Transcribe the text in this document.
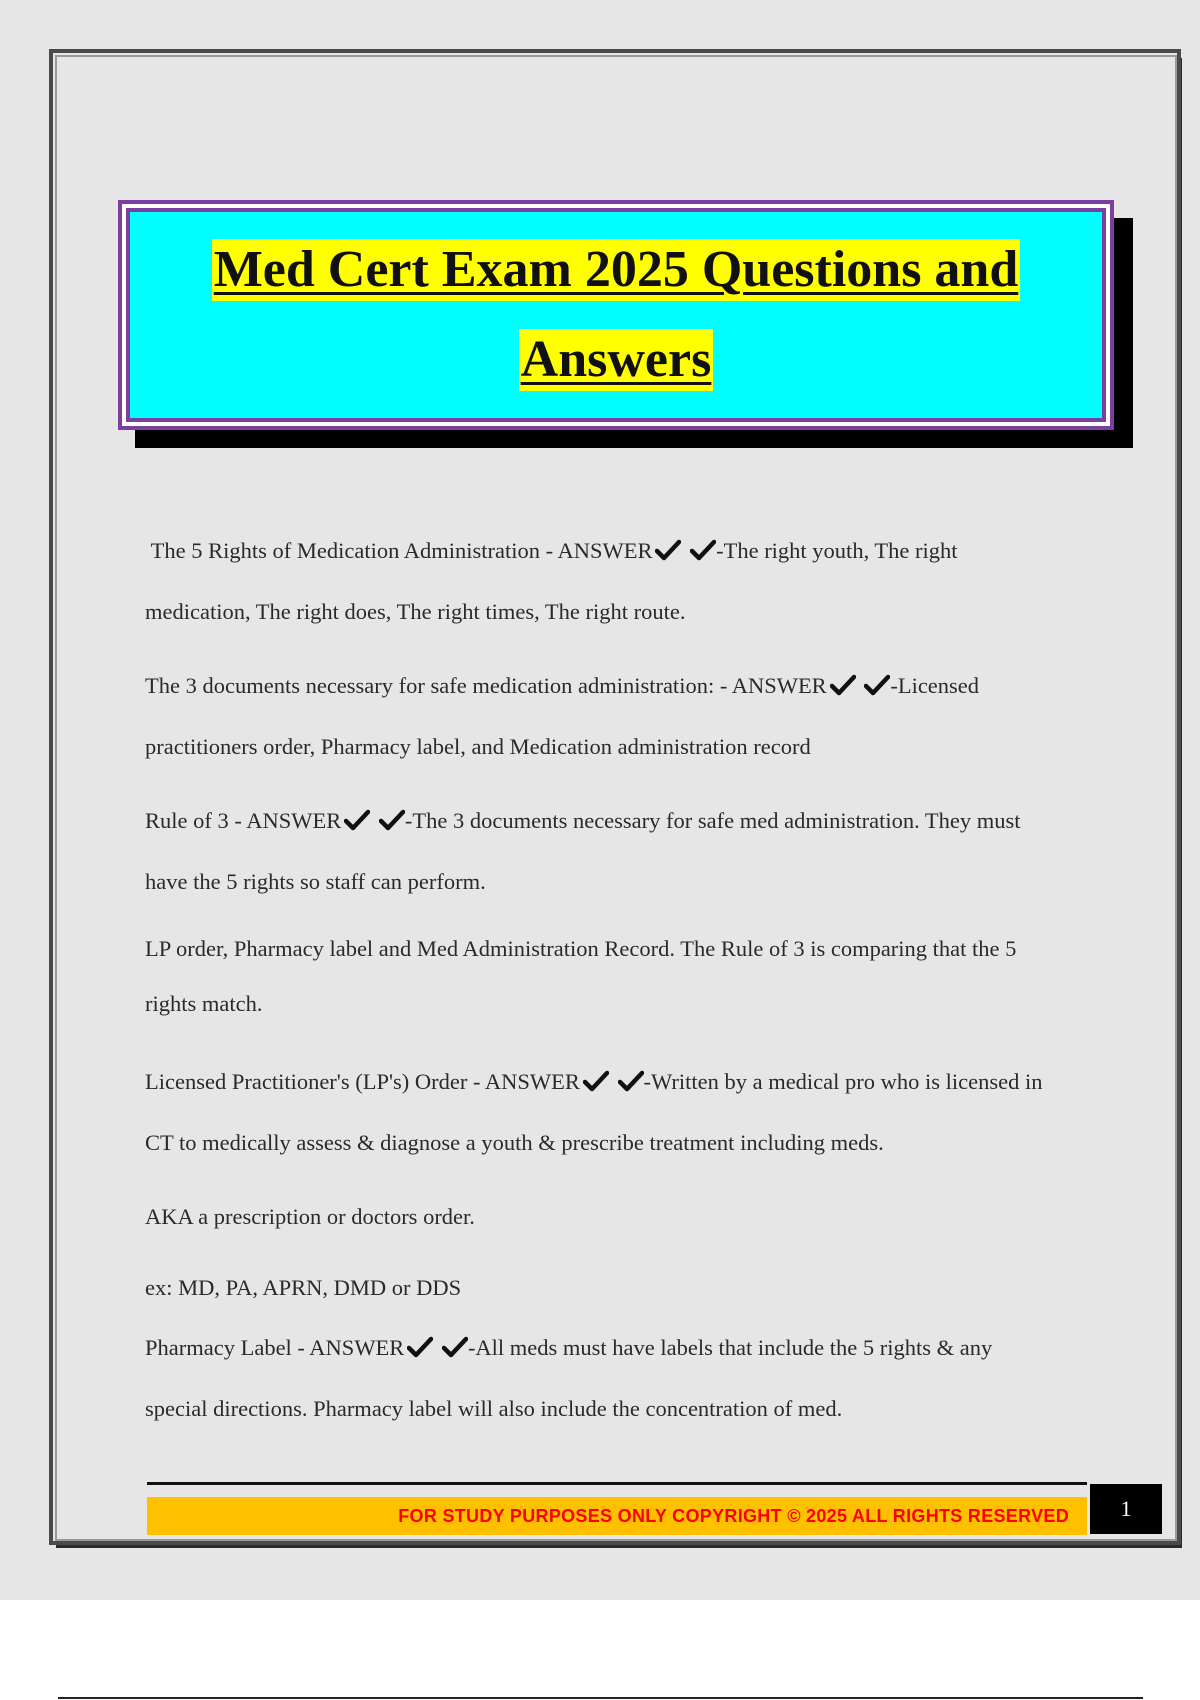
Med Cert Exam 2025 Questions and
Answers
The 5 Rights of Medication Administration - ANSWER	-The right youth, The right
medication, The right does, The right times, The right route.
The 3 documents necessary for safe medication administration: - ANSWER	-Licensed
practitioners order, Pharmacy label, and Medication administration record
Rule of 3 - ANSWER	-The 3 documents necessary for safe med administration. They must
have the 5 rights so staff can perform.
LP order, Pharmacy label and Med Administration Record. The Rule of 3 is comparing that the 5
rights match.
Licensed Practitioner's (LP's) Order - ANSWER	-Written by a medical pro who is licensed in
CT to medically assess & diagnose a youth & prescribe treatment including meds.
AKA a prescription or doctors order.
ex: MD, PA, APRN, DMD or DDS
Pharmacy Label - ANSWER	-All meds must have labels that include the 5 rights & any
special directions. Pharmacy label will also include the concentration of med.
FOR STUDY PURPOSES ONLY COPYRIGHT © 2025 ALL RIGHTS RESERVED	1
